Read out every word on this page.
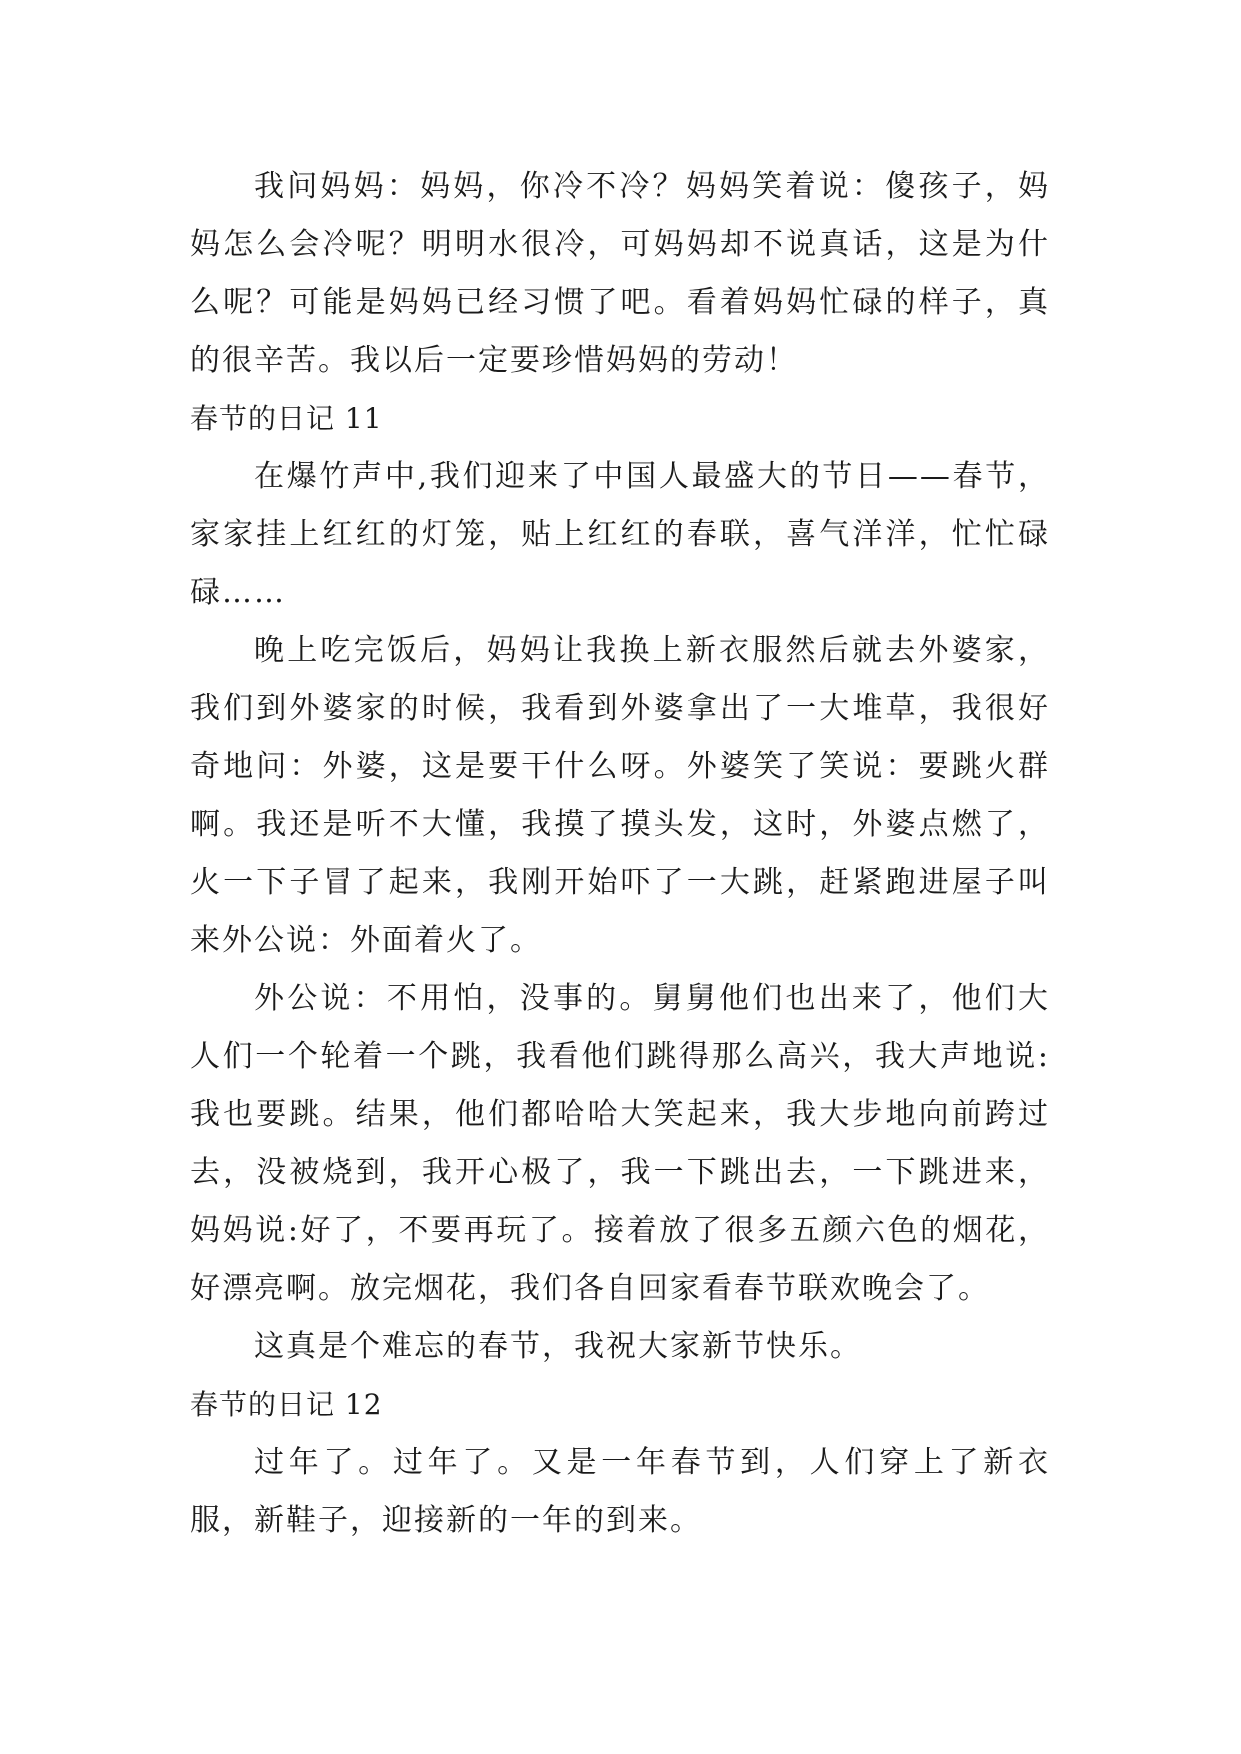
我问妈妈：妈妈，你冷不冷？妈妈笑着说：傻孩子，妈妈怎么会冷呢？明明水很冷，可妈妈却不说真话，这是为什么呢？可能是妈妈已经习惯了吧。看着妈妈忙碌的样子，真的很辛苦。我以后一定要珍惜妈妈的劳动！

春节的日记 11

在爆竹声中,我们迎来了中国人最盛大的节日——春节，家家挂上红红的灯笼，贴上红红的春联，喜气洋洋，忙忙碌碌……

晚上吃完饭后，妈妈让我换上新衣服然后就去外婆家，我们到外婆家的时候，我看到外婆拿出了一大堆草，我很好奇地问：外婆，这是要干什么呀。外婆笑了笑说：要跳火群啊。我还是听不大懂，我摸了摸头发，这时，外婆点燃了，火一下子冒了起来，我刚开始吓了一大跳，赶紧跑进屋子叫来外公说：外面着火了。

外公说：不用怕，没事的。舅舅他们也出来了，他们大人们一个轮着一个跳，我看他们跳得那么高兴，我大声地说:我也要跳。结果，他们都哈哈大笑起来，我大步地向前跨过去，没被烧到，我开心极了，我一下跳出去，一下跳进来，妈妈说:好了，不要再玩了。接着放了很多五颜六色的烟花，好漂亮啊。放完烟花，我们各自回家看春节联欢晚会了。

这真是个难忘的春节，我祝大家新节快乐。

春节的日记 12

过年了。过年了。又是一年春节到，人们穿上了新衣服，新鞋子，迎接新的一年的到来。
